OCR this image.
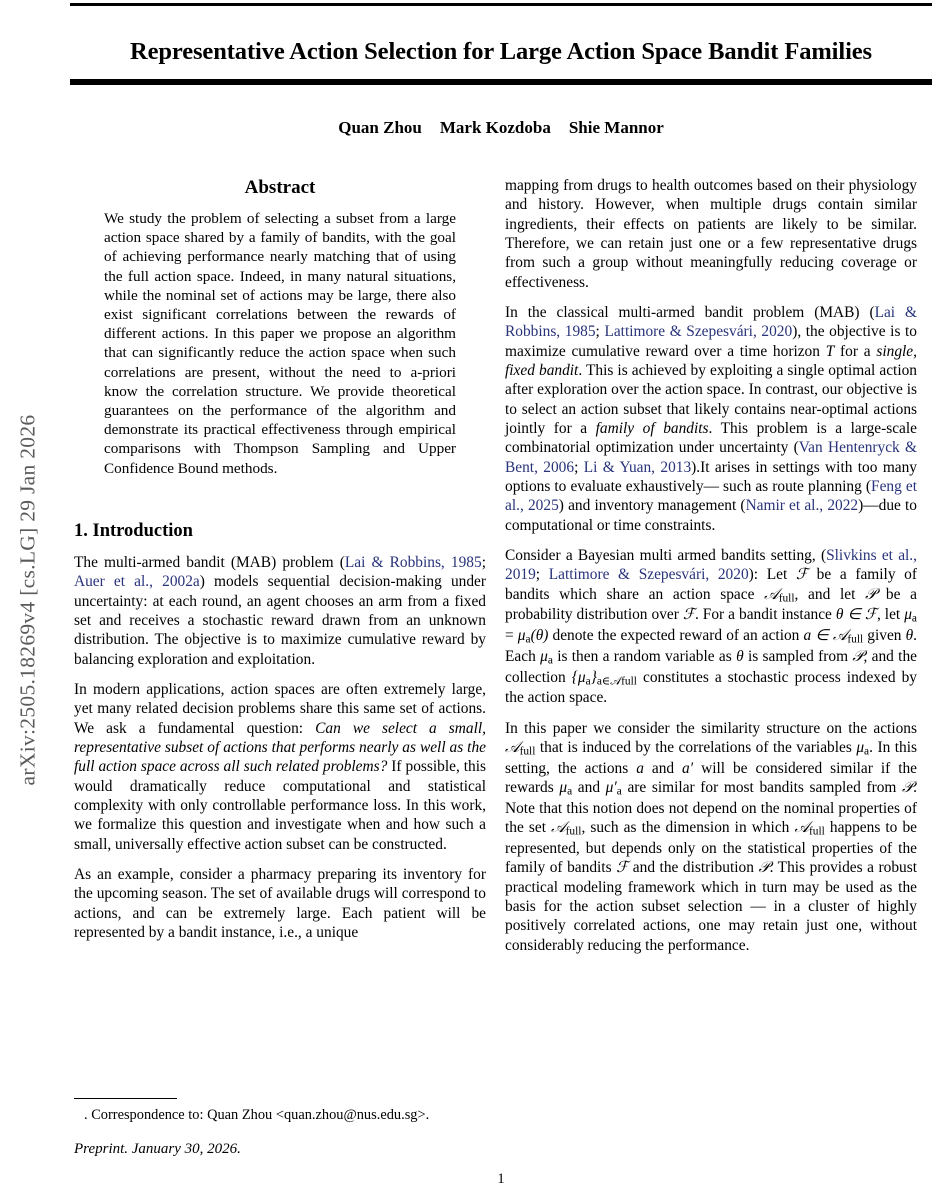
arXiv:2505.18269v4 [cs.LG] 29 Jan 2026
Representative Action Selection for Large Action Space Bandit Families
Quan Zhou Mark Kozdoba Shie Mannor
Abstract

We study the problem of selecting a subset from a large action space shared by a family of bandits, with the goal of achieving performance nearly matching that of using the full action space. Indeed, in many natural situations, while the nominal set of actions may be large, there also exist significant correlations between the rewards of different actions. In this paper we propose an algorithm that can significantly reduce the action space when such correlations are present, without the need to a-priori know the correlation structure. We provide theoretical guarantees on the performance of the algorithm and demonstrate its practical effectiveness through empirical comparisons with Thompson Sampling and Upper Confidence Bound methods.

1. Introduction

The multi-armed bandit (MAB) problem (Lai & Robbins, 1985; Auer et al., 2002a) models sequential decision-making under uncertainty: at each round, an agent chooses an arm from a fixed set and receives a stochastic reward drawn from an unknown distribution. The objective is to maximize cumulative reward by balancing exploration and exploitation.

In modern applications, action spaces are often extremely large, yet many related decision problems share this same set of actions. We ask a fundamental question: Can we select a small, representative subset of actions that performs nearly as well as the full action space across all such related problems? If possible, this would dramatically reduce computational and statistical complexity with only controllable performance loss. In this work, we formalize this question and investigate when and how such a small, universally effective action subset can be constructed.

As an example, consider a pharmacy preparing its inventory for the upcoming season. The set of available drugs will correspond to actions, and can be extremely large. Each patient will be represented by a bandit instance, i.e., a unique

mapping from drugs to health outcomes based on their physiology and history. However, when multiple drugs contain similar ingredients, their effects on patients are likely to be similar. Therefore, we can retain just one or a few representative drugs from such a group without meaningfully reducing coverage or effectiveness.

In the classical multi-armed bandit problem (MAB) (Lai & Robbins, 1985; Lattimore & Szepesvári, 2020), the objective is to maximize cumulative reward over a time horizon T for a single, fixed bandit. This is achieved by exploiting a single optimal action after exploration over the action space. In contrast, our objective is to select an action subset that likely contains near-optimal actions jointly for a family of bandits. This problem is a large-scale combinatorial optimization under uncertainty (Van Hentenryck & Bent, 2006; Li & Yuan, 2013).It arises in settings with too many options to evaluate exhaustively— such as route planning (Feng et al., 2025) and inventory management (Namir et al., 2022)—due to computational or time constraints.

Consider a Bayesian multi armed bandits setting, (Slivkins et al., 2019; Lattimore & Szepesvári, 2020): Let ℱ be a family of bandits which share an action space 𝒜$_{full}$, and let 𝒫 be a probability distribution over ℱ. For a bandit instance θ ∈ ℱ, let $\mu_a = \mu_a(\theta)$ denote the expected reward of an action a ∈ 𝒜$_{full}$ given θ. Each $\mu_a$ is then a random variable as θ is sampled from 𝒫, and the collection $\{\mu_a\}_{a\in 𝒜full}$ constitutes a stochastic process indexed by the action space.

In this paper we consider the similarity structure on the actions 𝒜$_{full}$ that is induced by the correlations of the variables $\mu_a$. In this setting, the actions a and a′ will be considered similar if the rewards $\mu_a$ and $\mu'_a$ are similar for most bandits sampled from 𝒫. Note that this notion does not depend on the nominal properties of the set 𝒜$_{full}$, such as the dimension in which 𝒜$_{full}$ happens to be represented, but depends only on the statistical properties of the family of bandits ℱ and the distribution 𝒫. This provides a robust practical modeling framework which in turn may be used as the basis for the action subset selection — in a cluster of highly positively correlated actions, one may retain just one, without considerably reducing the performance.

. Correspondence to: Quan Zhou <quan.zhou@nus.edu.sg>.
Preprint. January 30, 2026.
1
